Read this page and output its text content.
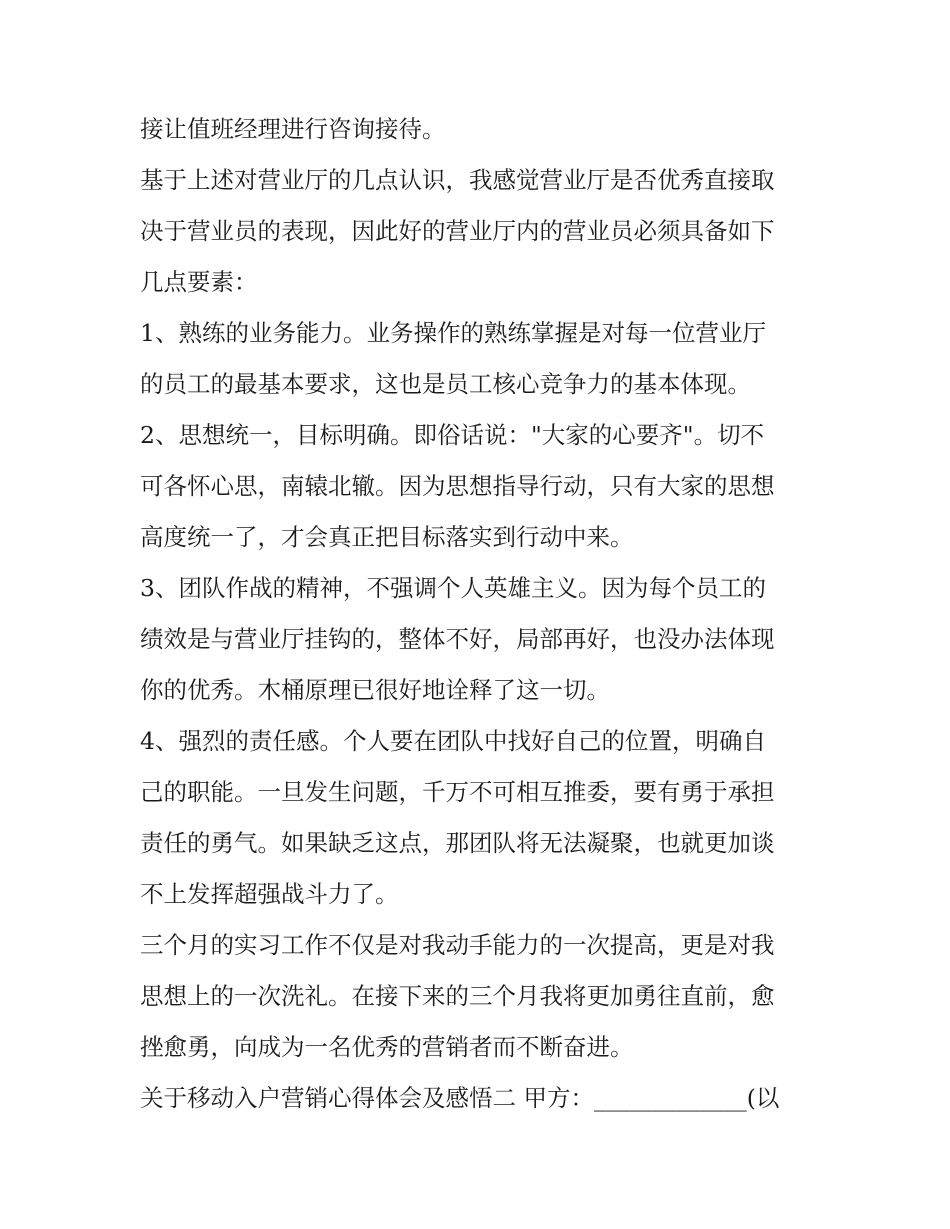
接让值班经理进行咨询接待。
基于上述对营业厅的几点认识，我感觉营业厅是否优秀直接取
决于营业员的表现，因此好的营业厅内的营业员必须具备如下
几点要素：
1、熟练的业务能力。业务操作的熟练掌握是对每一位营业厅
的员工的最基本要求，这也是员工核心竞争力的基本体现。
2、思想统一，目标明确。即俗话说："大家的心要齐"。切不
可各怀心思，南辕北辙。因为思想指导行动，只有大家的思想
高度统一了，才会真正把目标落实到行动中来。
3、团队作战的精神，不强调个人英雄主义。因为每个员工的
绩效是与营业厅挂钩的，整体不好，局部再好，也没办法体现
你的优秀。木桶原理已很好地诠释了这一切。
4、强烈的责任感。个人要在团队中找好自己的位置，明确自
己的职能。一旦发生问题，千万不可相互推委，要有勇于承担
责任的勇气。如果缺乏这点，那团队将无法凝聚，也就更加谈
不上发挥超强战斗力了。
三个月的实习工作不仅是对我动手能力的一次提高，更是对我
思想上的一次洗礼。在接下来的三个月我将更加勇往直前，愈
挫愈勇，向成为一名优秀的营销者而不断奋进。
关于移动入户营销心得体会及感悟二 甲方：_____________(以
